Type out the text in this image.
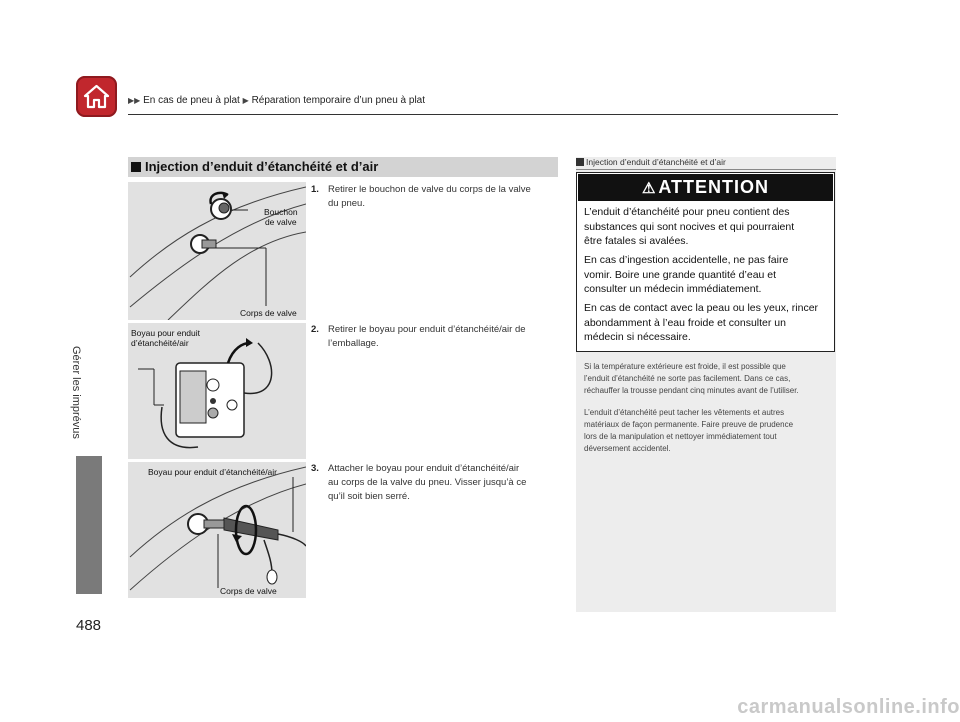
▶▶ En cas de pneu à plat ▶ Réparation temporaire d’un pneu à plat
Gérer les imprévus
488
Injection d’enduit d’étanchéité et d’air
Bouchon
de valve
Corps de valve
Boyau pour enduit
d’étanchéité/air
Boyau pour enduit d’étanchéité/air
Corps de valve
1. Retirer le bouchon de valve du corps de la valve
du pneu.
2. Retirer le boyau pour enduit d’étanchéité/air de
l’emballage.
3. Attacher le boyau pour enduit d’étanchéité/air
au corps de la valve du pneu. Visser jusqu’à ce
qu’il soit bien serré.
Injection d’enduit d’étanchéité et d’air
⚠ ATTENTION
L’enduit d’étanchéité pour pneu contient des
substances qui sont nocives et qui pourraient
être fatales si avalées.
En cas d’ingestion accidentelle, ne pas faire
vomir. Boire une grande quantité d’eau et
consulter un médecin immédiatement.
En cas de contact avec la peau ou les yeux, rincer
abondamment à l’eau froide et consulter un
médecin si nécessaire.
Si la température extérieure est froide, il est possible que
l’enduit d’étanchéité ne sorte pas facilement. Dans ce cas,
réchauffer la trousse pendant cinq minutes avant de l’utiliser.
L’enduit d’étanchéité peut tacher les vêtements et autres
matériaux de façon permanente. Faire preuve de prudence
lors de la manipulation et nettoyer immédiatement tout
déversement accidentel.
carmanualsonline.info
